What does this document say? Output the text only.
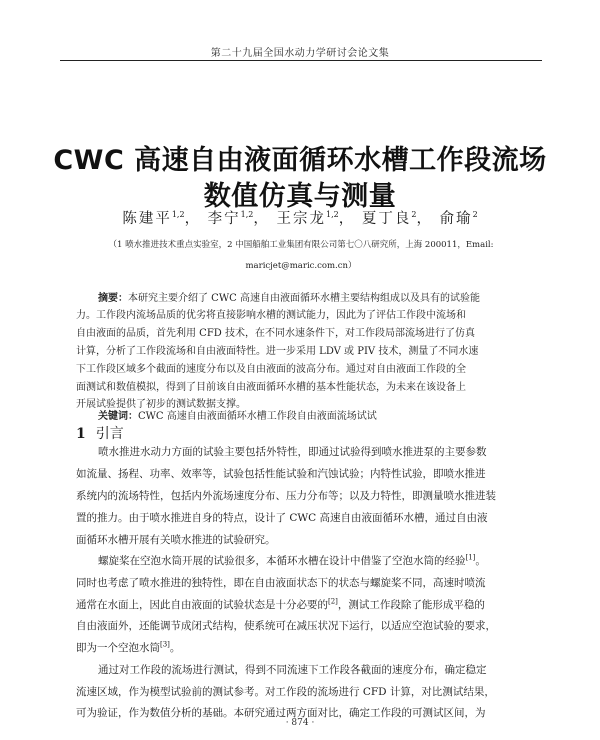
第二十九届全国水动力学研讨会论文集
CWC 高速自由液面循环水槽工作段流场
数值仿真与测量
陈建平$^{1,2}$， 李宁$^{1,2}$， 王宗龙$^{1,2}$， 夏丁良$^2$， 俞瑜$^2$
（1 喷水推进技术重点实验室，2 中国船舶工业集团有限公司第七〇八研究所，上海 200011，Email:
maricjet@maric.com.cn）
摘要：本研究主要介绍了 CWC 高速自由液面循环水槽主要结构组成以及具有的试验能
力。工作段内流场品质的优劣将直接影响水槽的测试能力，因此为了评估工作段中流场和
自由液面的品质，首先利用 CFD 技术，在不同水速条件下，对工作段局部流场进行了仿真
计算，分析了工作段流场和自由液面特性。进一步采用 LDV 或 PIV 技术，测量了不同水速
下工作段区域多个截面的速度分布以及自由液面的波高分布。通过对自由液面工作段的全
面测试和数值模拟，得到了目前该自由液面循环水槽的基本性能状态，为未来在该设备上
开展试验提供了初步的测试数据支撑。
关键词：CWC 高速自由液面循环水槽工作段自由液面流场试试
1 引言
喷水推进水动力方面的试验主要包括外特性，即通过试验得到喷水推进泵的主要参数
如流量、扬程、功率、效率等，试验包括性能试验和汽蚀试验；内特性试验，即喷水推进
系统内的流场特性，包括内外流场速度分布、压力分布等；以及力特性，即测量喷水推进装
置的推力。由于喷水推进自身的特点，设计了 CWC 高速自由液面循环水槽，通过自由液
面循环水槽开展有关喷水推进的试验研究。
螺旋桨在空泡水筒开展的试验很多，本循环水槽在设计中借鉴了空泡水筒的经验[1]。
同时也考虑了喷水推进的独特性，即在自由液面状态下的状态与螺旋桨不同，高速时喷流
通常在水面上，因此自由液面的试验状态是十分必要的[2]，测试工作段除了能形成平稳的
自由液面外，还能调节成闭式结构，使系统可在减压状况下运行，以适应空泡试验的要求，
即为一个空泡水筒[3]。
通过对工作段的流场进行测试，得到不同流速下工作段各截面的速度分布，确定稳定
流速区域，作为模型试验前的测试参考。对工作段的流场进行 CFD 计算，对比测试结果，
可为验证，作为数值分析的基础。本研究通过两方面对比，确定工作段的可测试区间，为
· 874 ·
